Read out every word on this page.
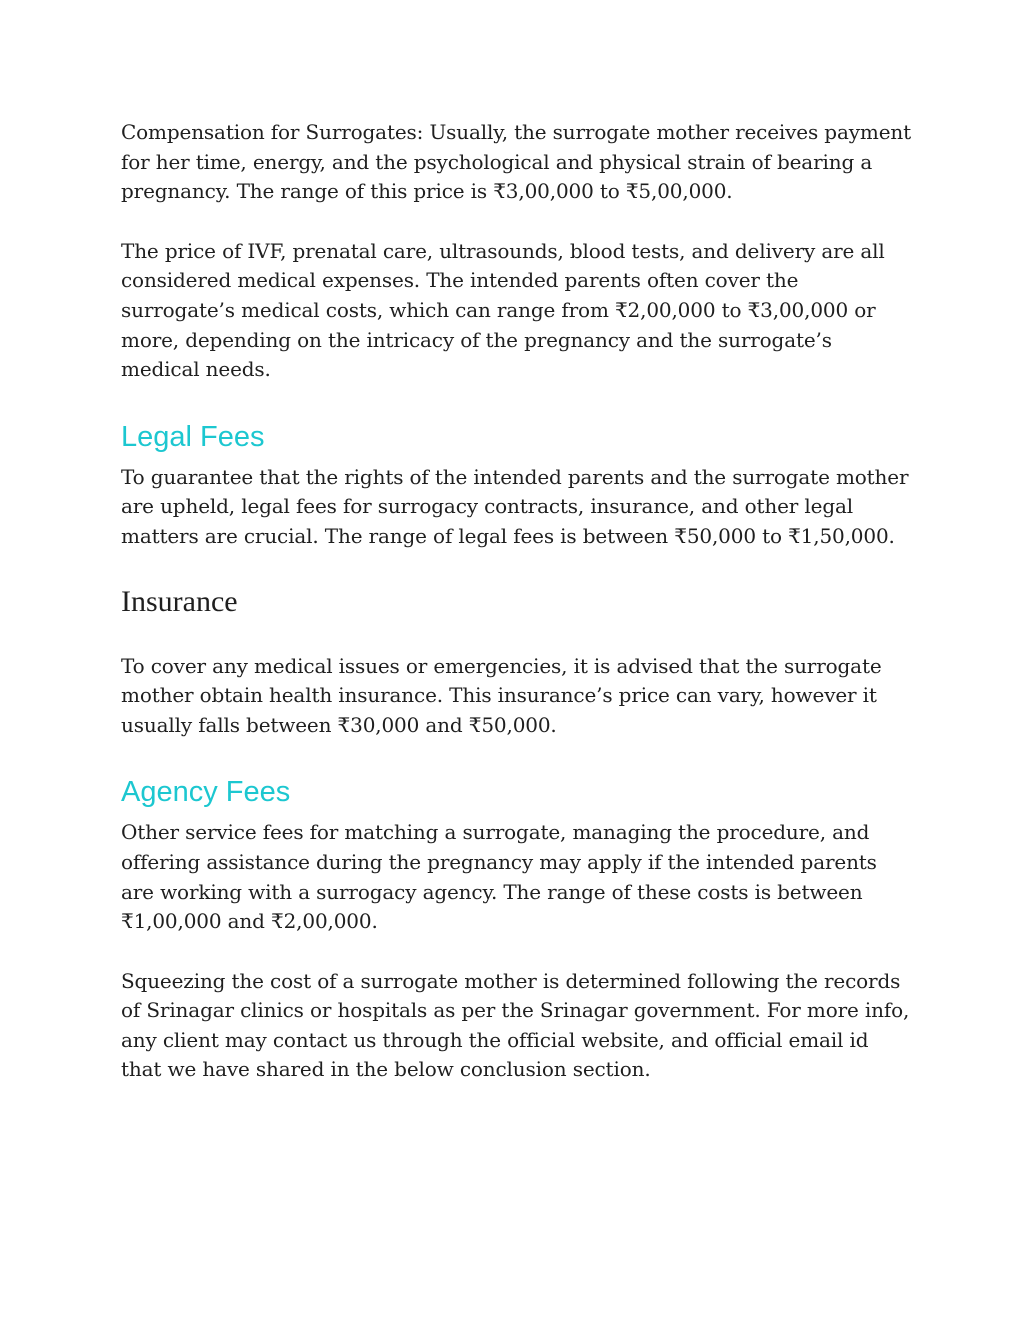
Compensation for Surrogates: Usually, the surrogate mother receives payment for her time, energy, and the psychological and physical strain of bearing a pregnancy. The range of this price is ₹3,00,000 to ₹5,00,000.

The price of IVF, prenatal care, ultrasounds, blood tests, and delivery are all considered medical expenses. The intended parents often cover the surrogate’s medical costs, which can range from ₹2,00,000 to ₹3,00,000 or more, depending on the intricacy of the pregnancy and the surrogate’s medical needs.

Legal Fees

To guarantee that the rights of the intended parents and the surrogate mother are upheld, legal fees for surrogacy contracts, insurance, and other legal matters are crucial. The range of legal fees is between ₹50,000 to ₹1,50,000.

Insurance

To cover any medical issues or emergencies, it is advised that the surrogate mother obtain health insurance. This insurance’s price can vary, however it usually falls between ₹30,000 and ₹50,000.

Agency Fees

Other service fees for matching a surrogate, managing the procedure, and offering assistance during the pregnancy may apply if the intended parents are working with a surrogacy agency. The range of these costs is between ₹1,00,000 and ₹2,00,000.

Squeezing the cost of a surrogate mother is determined following the records of Srinagar clinics or hospitals as per the Srinagar government. For more info, any client may contact us through the official website, and official email id that we have shared in the below conclusion section.
